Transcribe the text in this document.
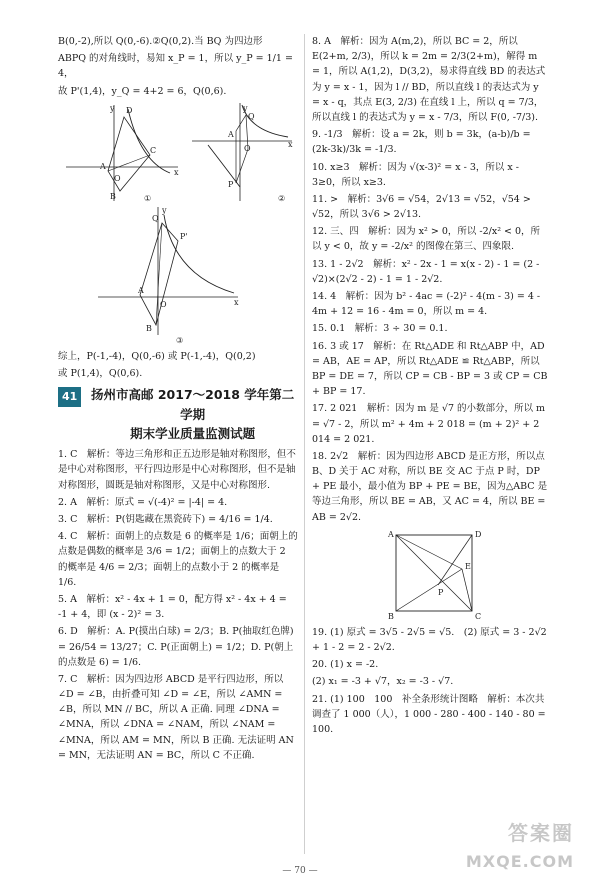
B(0,-2),所以 Q(0,-6).②Q(0,2).当 BQ 为四边形

ABPQ 的对角线时，易知 x_P = 1，所以 y_P = 1/1 = 4，

故 P'(1,4)，y_Q = 4+2 = 6，Q(0,6).

y D
C
A
O
B
x
①
y
Q
A
O
P
x
②
y
Q
P'
A
O
B
x
③

综上，P(-1,-4)，Q(0,-6) 或 P(-1,-4)，Q(0,2)

或 P(1,4)，Q(0,6).

41	扬州市高邮 2017～2018 学年第二学期
期末学业质量监测试题

1. C　解析：等边三角形和正五边形是轴对称图形，但不是中心对称图形，平行四边形是中心对称图形，但不是轴对称图形，圆既是轴对称图形，又是中心对称图形.

2. A　解析：原式 = √(-4)² = |-4| = 4.

3. C　解析：P(钥匙藏在黑瓷砖下) = 4/16 = 1/4.

4. C　解析：面朝上的点数是 6 的概率是 1/6；面朝上的点数是偶数的概率是 3/6 = 1/2；面朝上的点数大于 2 的概率是 4/6 = 2/3；面朝上的点数小于 2 的概率是 1/6.

5. A　解析：x² - 4x + 1 = 0，配方得 x² - 4x + 4 = -1 + 4，即 (x - 2)² = 3.

6. D　解析：A. P(摸出白球) = 2/3；B. P(抽取红色牌) = 26/54 = 13/27；C. P(正面朝上) = 1/2；D. P(朝上的点数是 6) = 1/6.

7. C　解析：因为四边形 ABCD 是平行四边形，所以 ∠D = ∠B，由折叠可知 ∠D = ∠E，所以 ∠AMN = ∠B，所以 MN // BC，所以 A 正确. 同理 ∠DNA = ∠MNA，所以 ∠DNA = ∠NAM，所以 ∠NAM = ∠MNA，所以 AM = MN，所以 B 正确. 无法证明 AN = MN，无法证明 AN = BC，所以 C 不正确.

8. A　解析：因为 A(m,2)，所以 BC = 2，所以 E(2+m, 2/3)，所以 k = 2m = 2/3(2+m)，解得 m = 1，所以 A(1,2)，D(3,2)，易求得直线 BD 的表达式为 y = x - 1，因为 l // BD，所以直线 l 的表达式为 y = x - q，其点 E(3, 2/3) 在直线 l 上，所以 q = 7/3，所以直线 l 的表达式为 y = x - 7/3，所以 F(0, -7/3).

9. -1/3　解析：设 a = 2k，则 b = 3k，(a-b)/b = (2k-3k)/3k = -1/3.

10. x≥3　解析：因为 √(x-3)² = x - 3，所以 x - 3≥0，所以 x≥3.

11. >　解析：3√6 = √54，2√13 = √52，√54 > √52，所以 3√6 > 2√13.

12. 三、四　解析：因为 x² > 0，所以 -2/x² < 0，所以 y < 0，故 y = -2/x² 的图像在第三、四象限.

13. 1 - 2√2　解析：x² - 2x - 1 = x(x - 2) - 1 = (2 - √2)×(2√2 - 2) - 1 = 1 - 2√2.

14. 4　解析：因为 b² - 4ac = (-2)² - 4(m - 3) = 4 - 4m + 12 = 16 - 4m = 0，所以 m = 4.

15. 0.1　解析：3 ÷ 30 = 0.1.

16. 3 或 17　解析：在 Rt△ADE 和 Rt△ABP 中，AD = AB，AE = AP，所以 Rt△ADE ≌ Rt△ABP，所以 BP = DE = 7，所以 CP = CB - BP = 3 或 CP = CB + BP = 17.

17. 2 021　解析：因为 m 是 √7 的小数部分，所以 m = √7 - 2，所以 m² + 4m + 2 018 = (m + 2)² + 2 014 = 2 021.

18. 2√2　解析：因为四边形 ABCD 是正方形，所以点 B、D 关于 AC 对称，所以 BE 交 AC 于点 P 时，DP + PE 最小，最小值为 BP + PE = BE，因为△ABC 是等边三角形，所以 BE = AB，又 AC = 4，所以 BE = AB = 2√2.

A	D
E
P
B	C

19. (1) 原式 = 3√5 - 2√5 = √5.　(2) 原式 = 3 - 2√2 + 1 - 2 = 2 - 2√2.

20. (1) x = -2.

(2) x₁ = -3 + √7，x₂ = -3 - √7.

21. (1) 100　100　补全条形统计图略　解析：本次共调查了 1 000（人），1 000 - 280 - 400 - 140 - 80 = 100.

— 70 —
答案圈
MXQE.COM
